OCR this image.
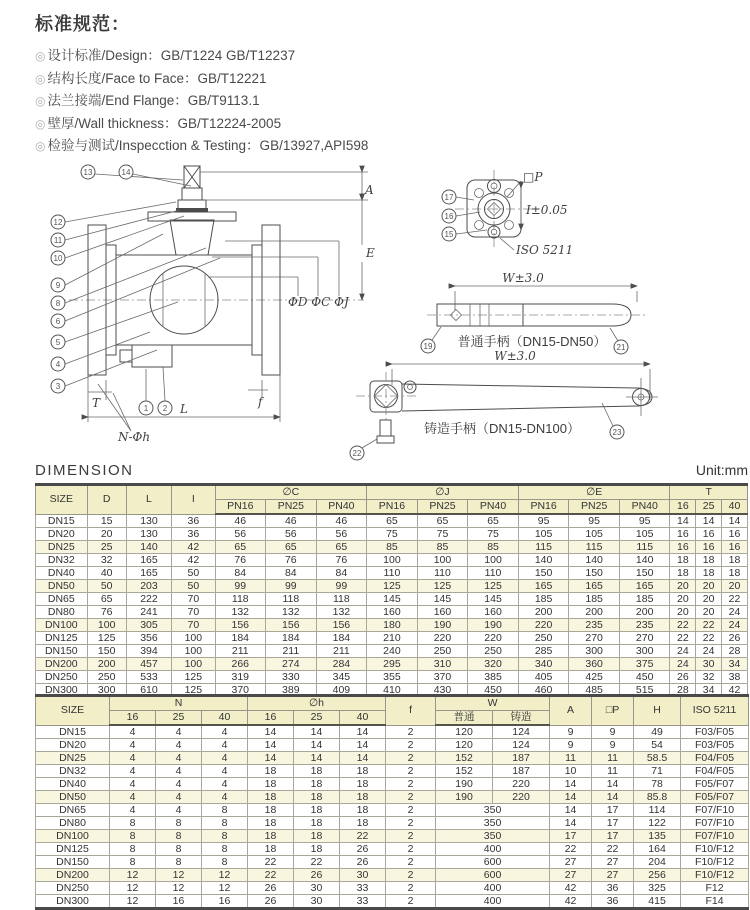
标准规范：
◎ 设计标准/Design：GB/T1224 GB/T12237
◎ 结构长度/Face to Face：GB/T12221
◎ 法兰接端/End Flange：GB/T9113.1
◎ 壁厚/Wall thickness：GB/T12224-2005
◎ 检验与测试/Inspecction & Testing：GB/13927,API598
A
E
ΦD ΦC ΦJ
L
T	f
N-Φh
13	14
12
11
10
9
8
6
5
4
3
1 2
□P
I±0.05
ISO 5211
17
16
15
W±3.0
普通手柄（DN15-DN50）
19	21
W±3.0
铸造手柄（DN15-DN100）
22
23
DIMENSION	Unit:mm
SIZE	D	L	I	∅C			∅J			∅E			T		
				PN16	PN25	PN40	PN16	PN25	PN40	PN16	PN25	PN40	16	25	40
DN15	15	130	36	46	46	46	65	65	65	95	95	95	14	14	14
DN20	20	130	36	56	56	56	75	75	75	105	105	105	16	16	16
DN25	25	140	42	65	65	65	85	85	85	115	115	115	16	16	16
DN32	32	165	42	76	76	76	100	100	100	140	140	140	18	18	18
DN40	40	165	50	84	84	84	110	110	110	150	150	150	18	18	18
DN50	50	203	50	99	99	99	125	125	125	165	165	165	20	20	20
DN65	65	222	70	118	118	118	145	145	145	185	185	185	20	20	22
DN80	76	241	70	132	132	132	160	160	160	200	200	200	20	20	24
DN100	100	305	70	156	156	156	180	190	190	220	235	235	22	22	24
DN125	125	356	100	184	184	184	210	220	220	250	270	270	22	22	26
DN150	150	394	100	211	211	211	240	250	250	285	300	300	24	24	28
DN200	200	457	100	266	274	284	295	310	320	340	360	375	24	30	34
DN250	250	533	125	319	330	345	355	370	385	405	425	450	26	32	38
DN300	300	610	125	370	389	409	410	430	450	460	485	515	28	34	42
SIZE	N			∅h			f	W		A	□P	H	ISO 5211
	16	25	40	16	25	40		普通	铸造				
DN15	4	4	4	14	14	14	2	120	124	9	9	49	F03/F05
DN20	4	4	4	14	14	14	2	120	124	9	9	54	F03/F05
DN25	4	4	4	14	14	14	2	152	187	11	11	58.5	F04/F05
DN32	4	4	4	18	18	18	2	152	187	10	11	71	F04/F05
DN40	4	4	4	18	18	18	2	190	220	14	14	78	F05/F07
DN50	4	4	4	18	18	18	2	190	220	14	14	85.8	F05/F07
DN65	4	4	8	18	18	18	2	350		14	17	114	F07/F10
DN80	8	8	8	18	18	18	2	350		14	17	122	F07/F10
DN100	8	8	8	18	18	22	2	350		17	17	135	F07/F10
DN125	8	8	8	18	18	26	2	400		22	22	164	F10/F12
DN150	8	8	8	22	22	26	2	600		27	27	204	F10/F12
DN200	12	12	12	22	26	30	2	600		27	27	256	F10/F12
DN250	12	12	12	26	30	33	2	400		42	36	325	F12
DN300	12	16	16	26	30	33	2	400		42	36	415	F14
